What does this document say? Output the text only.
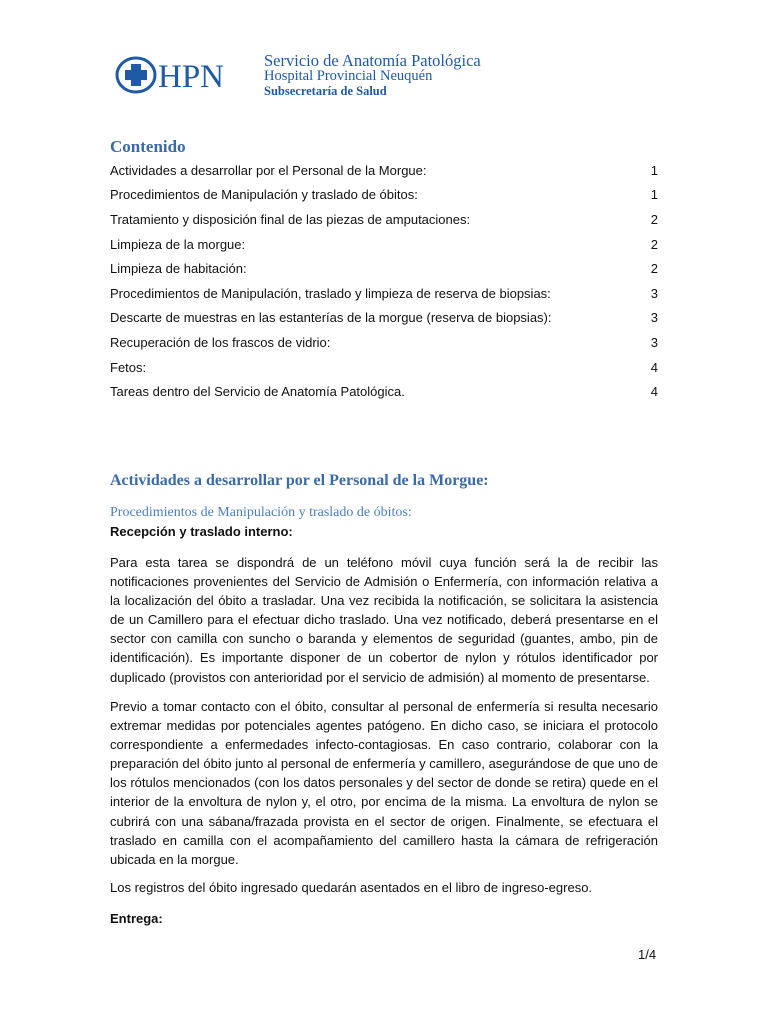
HPN Servicio de Anatomía Patológica
Hospital Provincial Neuquén
Subsecretaría de Salud
Contenido
Actividades a desarrollar por el Personal de la Morgue:	1
Procedimientos de Manipulación y traslado de óbitos:	1
Tratamiento y disposición final de las piezas de amputaciones:	2
Limpieza de la morgue:	2
Limpieza de habitación:	2
Procedimientos de Manipulación, traslado y limpieza de reserva de biopsias:	3
Descarte de muestras en las estanterías de la morgue (reserva de biopsias):	3
Recuperación de los frascos de vidrio:	3
Fetos:	4
Tareas dentro del Servicio de Anatomía Patológica.	4
Actividades a desarrollar por el Personal de la Morgue:
Procedimientos de Manipulación y traslado de óbitos:
Recepción y traslado interno:

Para esta tarea se dispondrá de un teléfono móvil cuya función será la de recibir las notificaciones provenientes del Servicio de Admisión o Enfermería, con información relativa a la localización del óbito a trasladar. Una vez recibida la notificación, se solicitara la asistencia de un Camillero para el efectuar dicho traslado. Una vez notificado, deberá presentarse en el sector con camilla con suncho o baranda y elementos de seguridad (guantes, ambo, pin de identificación). Es importante disponer de un cobertor de nylon y rótulos identificador por duplicado (provistos con anterioridad por el servicio de admisión) al momento de presentarse.

Previo a tomar contacto con el óbito, consultar al personal de enfermería si resulta necesario extremar medidas por potenciales agentes patógeno. En dicho caso, se iniciara el protocolo correspondiente a enfermedades infecto-contagiosas. En caso contrario, colaborar con la preparación del óbito junto al personal de enfermería y camillero, asegurándose de que uno de los rótulos mencionados (con los datos personales y del sector de donde se retira) quede en el interior de la envoltura de nylon y, el otro, por encima de la misma. La envoltura de nylon se cubrirá con una sábana/frazada provista en el sector de origen. Finalmente, se efectuara el traslado en camilla con el acompañamiento del camillero hasta la cámara de refrigeración ubicada en la morgue.

Los registros del óbito ingresado quedarán asentados en el libro de ingreso-egreso.

Entrega:
1/4
